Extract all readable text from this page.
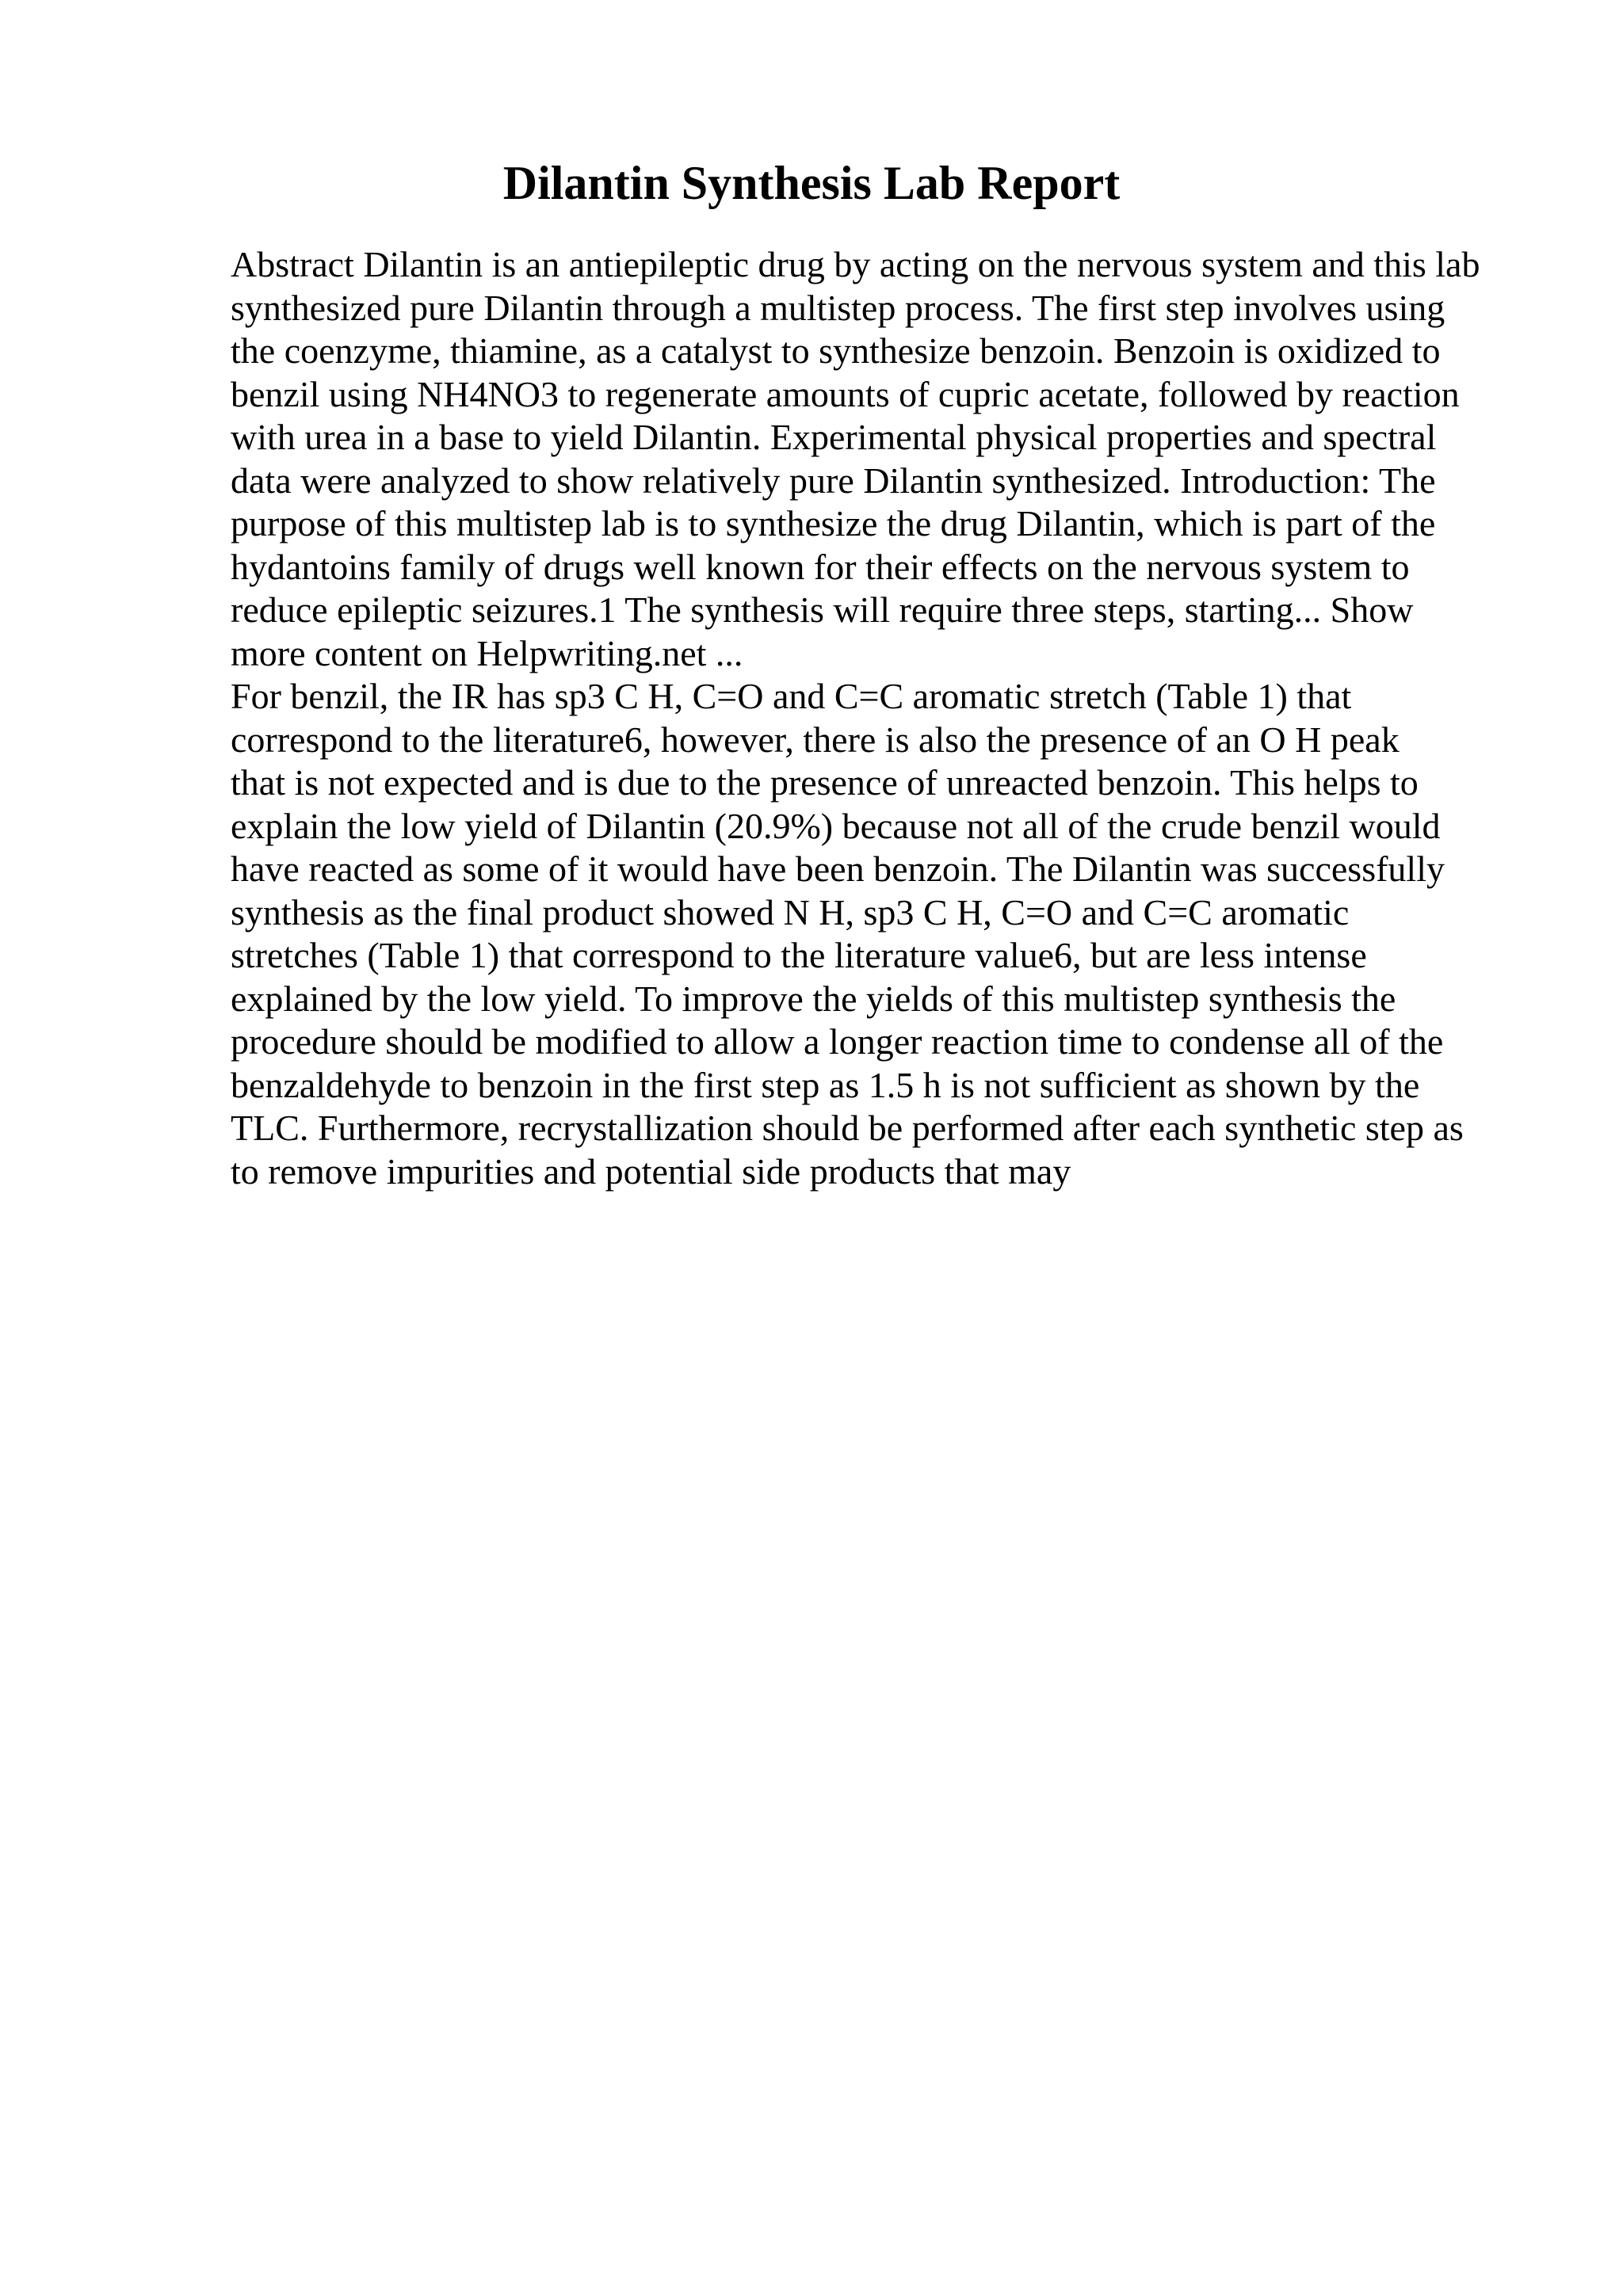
Dilantin Synthesis Lab Report

Abstract Dilantin is an antiepileptic drug by acting on the nervous system and this lab
synthesized pure Dilantin through a multistep process. The first step involves using
the coenzyme, thiamine, as a catalyst to synthesize benzoin. Benzoin is oxidized to
benzil using NH4NO3 to regenerate amounts of cupric acetate, followed by reaction
with urea in a base to yield Dilantin. Experimental physical properties and spectral
data were analyzed to show relatively pure Dilantin synthesized. Introduction: The
purpose of this multistep lab is to synthesize the drug Dilantin, which is part of the
hydantoins family of drugs well known for their effects on the nervous system to
reduce epileptic seizures.1 The synthesis will require three steps, starting... Show
more content on Helpwriting.net ...

For benzil, the IR has sp3 C H, C=O and C=C aromatic stretch (Table 1) that
correspond to the literature6, however, there is also the presence of an O H peak
that is not expected and is due to the presence of unreacted benzoin. This helps to
explain the low yield of Dilantin (20.9%) because not all of the crude benzil would
have reacted as some of it would have been benzoin. The Dilantin was successfully
synthesis as the final product showed N H, sp3 C H, C=O and C=C aromatic
stretches (Table 1) that correspond to the literature value6, but are less intense
explained by the low yield. To improve the yields of this multistep synthesis the
procedure should be modified to allow a longer reaction time to condense all of the
benzaldehyde to benzoin in the first step as 1.5 h is not sufficient as shown by the
TLC. Furthermore, recrystallization should be performed after each synthetic step as
to remove impurities and potential side products that may
